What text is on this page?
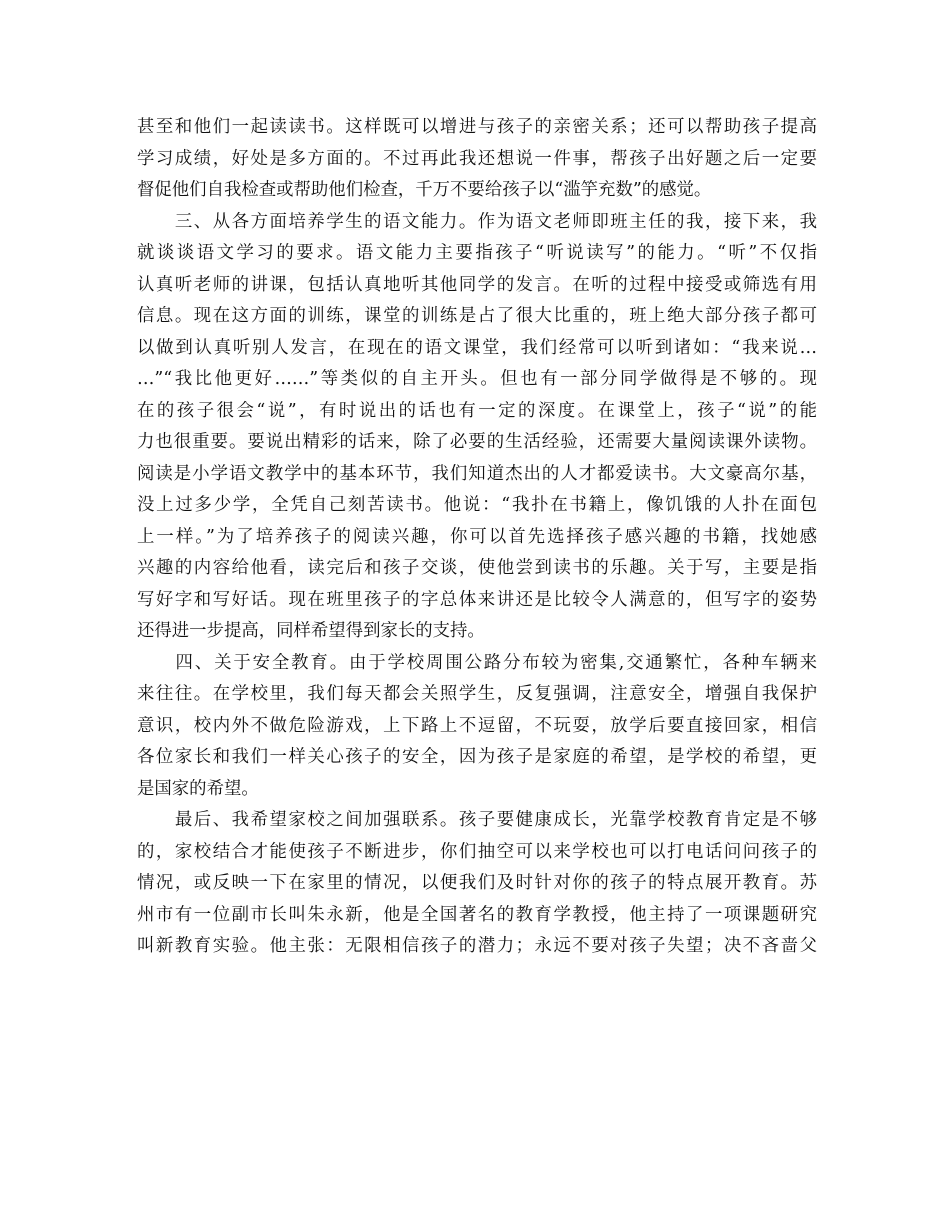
甚至和他们一起读读书。这样既可以增进与孩子的亲密关系；还可以帮助孩子提高
学习成绩，好处是多方面的。不过再此我还想说一件事，帮孩子出好题之后一定要
督促他们自我检查或帮助他们检查，千万不要给孩子以“滥竽充数”的感觉。
　　三、从各方面培养学生的语文能力。作为语文老师即班主任的我，接下来，我
就谈谈语文学习的要求。语文能力主要指孩子“听说读写”的能力。“听”不仅指
认真听老师的讲课，包括认真地听其他同学的发言。在听的过程中接受或筛选有用
信息。现在这方面的训练，课堂的训练是占了很大比重的，班上绝大部分孩子都可
以做到认真听别人发言，在现在的语文课堂，我们经常可以听到诸如：“我来说…
…”“我比他更好……”等类似的自主开头。但也有一部分同学做得是不够的。现
在的孩子很会“说”，有时说出的话也有一定的深度。在课堂上，孩子“说”的能
力也很重要。要说出精彩的话来，除了必要的生活经验，还需要大量阅读课外读物。
阅读是小学语文教学中的基本环节，我们知道杰出的人才都爱读书。大文豪高尔基，
没上过多少学，全凭自己刻苦读书。他说：“我扑在书籍上，像饥饿的人扑在面包
上一样。”为了培养孩子的阅读兴趣，你可以首先选择孩子感兴趣的书籍，找她感
兴趣的内容给他看，读完后和孩子交谈，使他尝到读书的乐趣。关于写，主要是指
写好字和写好话。现在班里孩子的字总体来讲还是比较令人满意的，但写字的姿势
还得进一步提高，同样希望得到家长的支持。
　　四、关于安全教育。由于学校周围公路分布较为密集,交通繁忙，各种车辆来
来往往。在学校里，我们每天都会关照学生，反复强调，注意安全，增强自我保护
意识，校内外不做危险游戏，上下路上不逗留，不玩耍，放学后要直接回家，相信
各位家长和我们一样关心孩子的安全，因为孩子是家庭的希望，是学校的希望，更
是国家的希望。
　　最后、我希望家校之间加强联系。孩子要健康成长，光靠学校教育肯定是不够
的，家校结合才能使孩子不断进步，你们抽空可以来学校也可以打电话问问孩子的
情况，或反映一下在家里的情况，以便我们及时针对你的孩子的特点展开教育。苏
州市有一位副市长叫朱永新，他是全国著名的教育学教授，他主持了一项课题研究
叫新教育实验。他主张：无限相信孩子的潜力；永远不要对孩子失望；决不吝啬父
